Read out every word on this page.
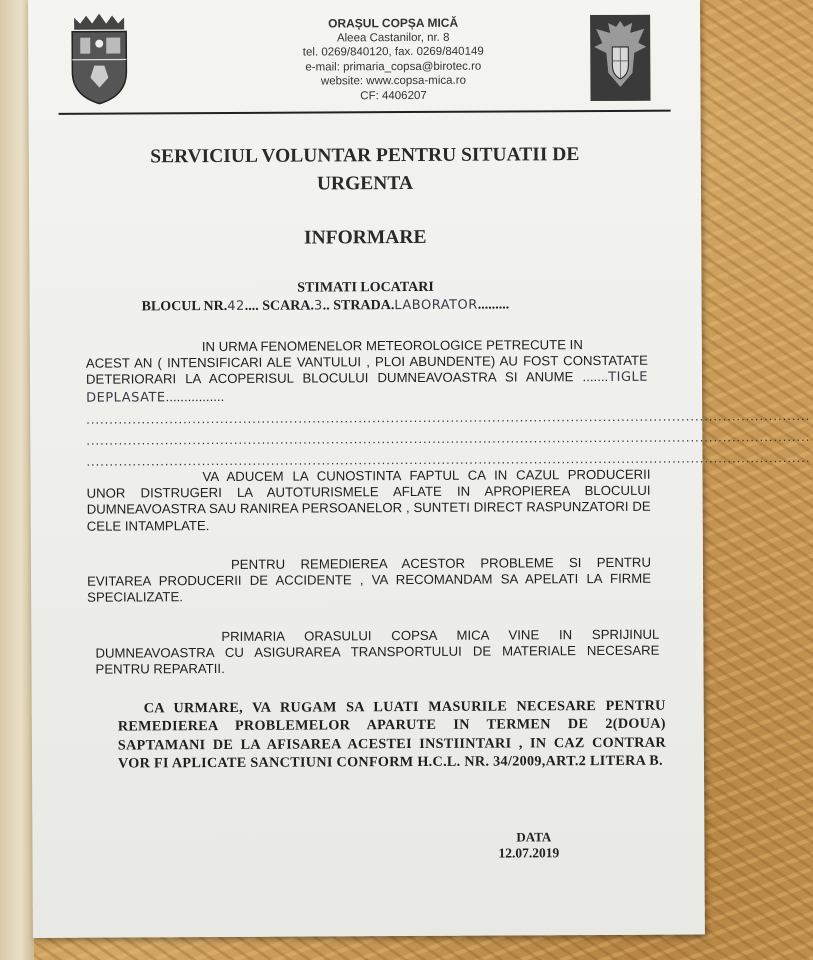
ORAȘUL COPȘA MICĂ
Aleea Castanilor, nr. 8
tel. 0269/840120, fax. 0269/840149
e-mail: primaria_copsa@birotec.ro
website: www.copsa-mica.ro
CF: 4406207
SERVICIUL VOLUNTAR PENTRU SITUATII DE
URGENTA
INFORMARE
STIMATI LOCATARI
BLOCUL NR.42.... SCARA.3.. STRADA.LABORATOR.........
IN URMA FENOMENELOR METEOROLOGICE PETRECUTE IN
ACEST AN ( INTENSIFICARI ALE VANTULUI , PLOI ABUNDENTE) AU FOST CONSTATATE DETERIORARI LA ACOPERISUL BLOCULUI DUMNEAVOASTRA SI ANUME .......TIGLE DEPLASATE................
.............................................................................................................................................................
.............................................................................................................................................................
.............................................................................................................................................................
VA ADUCEM LA CUNOSTINTA FAPTUL CA IN CAZUL PRODUCERII UNOR DISTRUGERI LA AUTOTURISMELE AFLATE IN APROPIEREA BLOCULUI DUMNEAVOASTRA SAU RANIREA PERSOANELOR , SUNTETI DIRECT RASPUNZATORI DE CELE INTAMPLATE.
PENTRU REMEDIEREA ACESTOR PROBLEME SI PENTRU EVITAREA PRODUCERII DE ACCIDENTE , VA RECOMANDAM SA APELATI LA FIRME SPECIALIZATE.
PRIMARIA ORASULUI COPSA MICA VINE IN SPRIJINUL DUMNEAVOASTRA CU ASIGURAREA TRANSPORTULUI DE MATERIALE NECESARE PENTRU REPARATII.
CA URMARE, VA RUGAM SA LUATI MASURILE NECESARE PENTRU REMEDIEREA PROBLEMELOR APARUTE IN TERMEN DE 2(DOUA) SAPTAMANI DE LA AFISAREA ACESTEI INSTIINTARI , IN CAZ CONTRAR VOR FI APLICATE SANCTIUNI CONFORM H.C.L. NR. 34/2009,ART.2 LITERA B.
DATA
12.07.2019
